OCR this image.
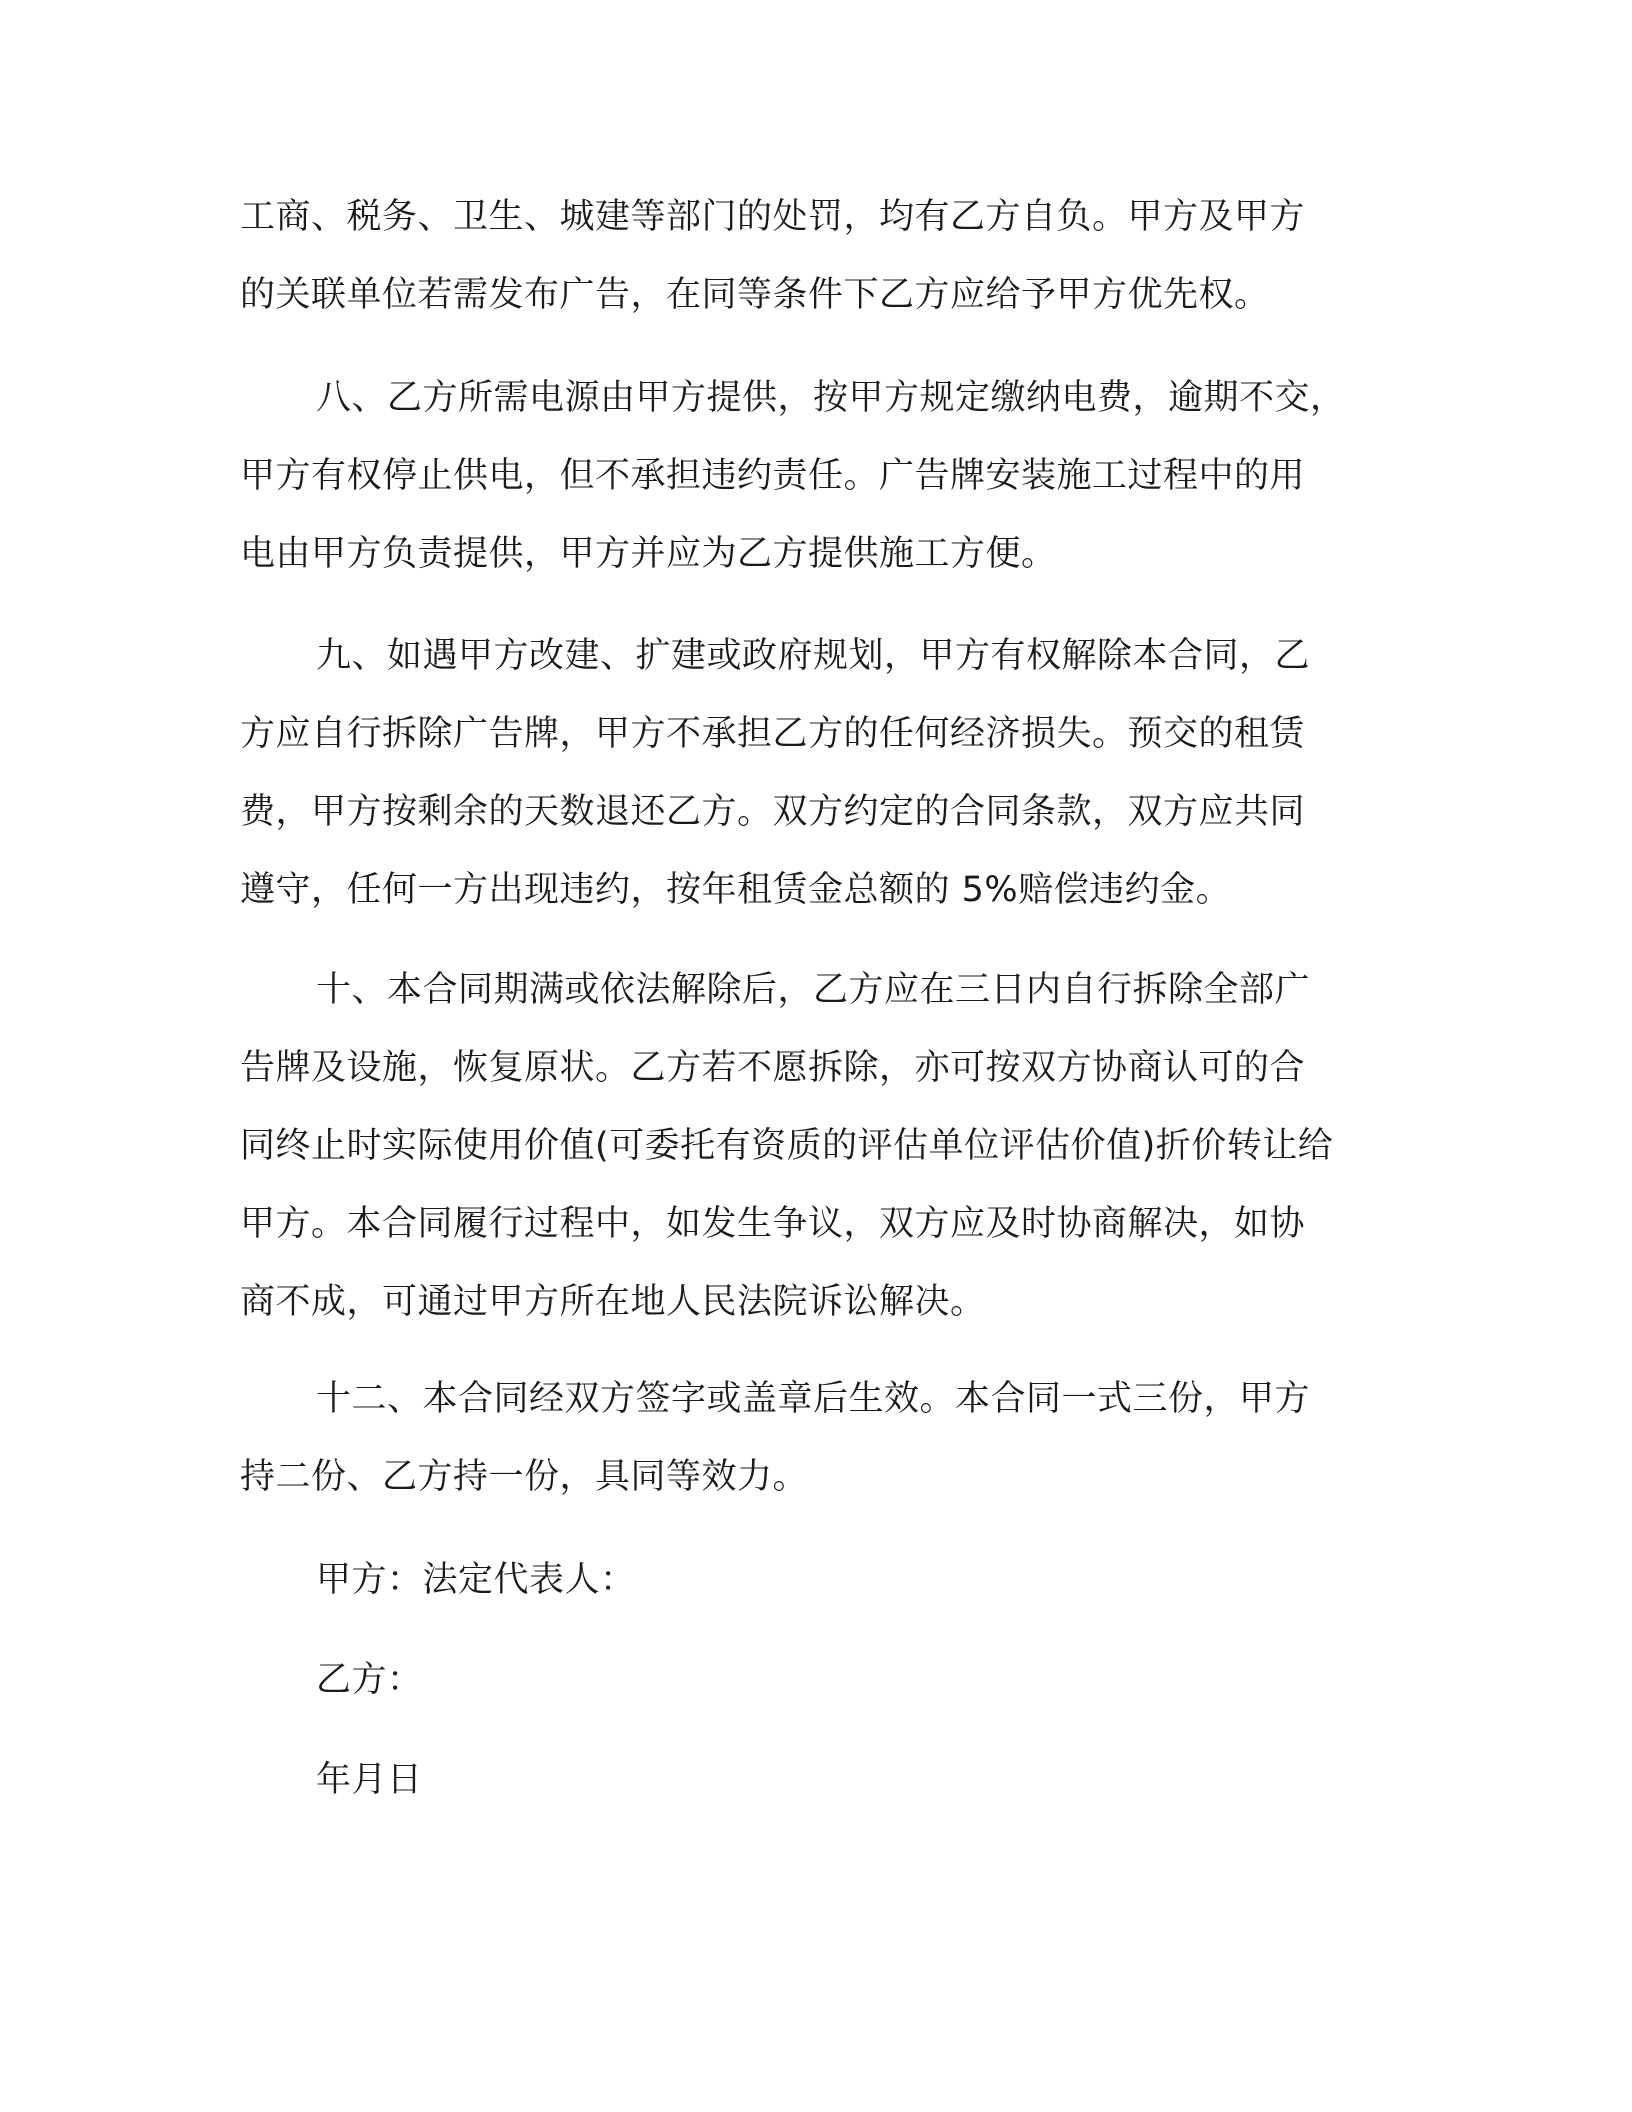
工商、税务、卫生、城建等部门的处罚，均有乙方自负。甲方及甲方
的关联单位若需发布广告，在同等条件下乙方应给予甲方优先权。
八、乙方所需电源由甲方提供，按甲方规定缴纳电费，逾期不交，
甲方有权停止供电，但不承担违约责任。广告牌安装施工过程中的用
电由甲方负责提供，甲方并应为乙方提供施工方便。
九、如遇甲方改建、扩建或政府规划，甲方有权解除本合同，乙
方应自行拆除广告牌，甲方不承担乙方的任何经济损失。预交的租赁
费，甲方按剩余的天数退还乙方。双方约定的合同条款，双方应共同
遵守，任何一方出现违约，按年租赁金总额的 5%赔偿违约金。
十、本合同期满或依法解除后，乙方应在三日内自行拆除全部广
告牌及设施，恢复原状。乙方若不愿拆除，亦可按双方协商认可的合
同终止时实际使用价值(可委托有资质的评估单位评估价值)折价转让给
甲方。本合同履行过程中，如发生争议，双方应及时协商解决，如协
商不成，可通过甲方所在地人民法院诉讼解决。
十二、本合同经双方签字或盖章后生效。本合同一式三份，甲方
持二份、乙方持一份，具同等效力。
甲方：法定代表人：
乙方：
年月日
